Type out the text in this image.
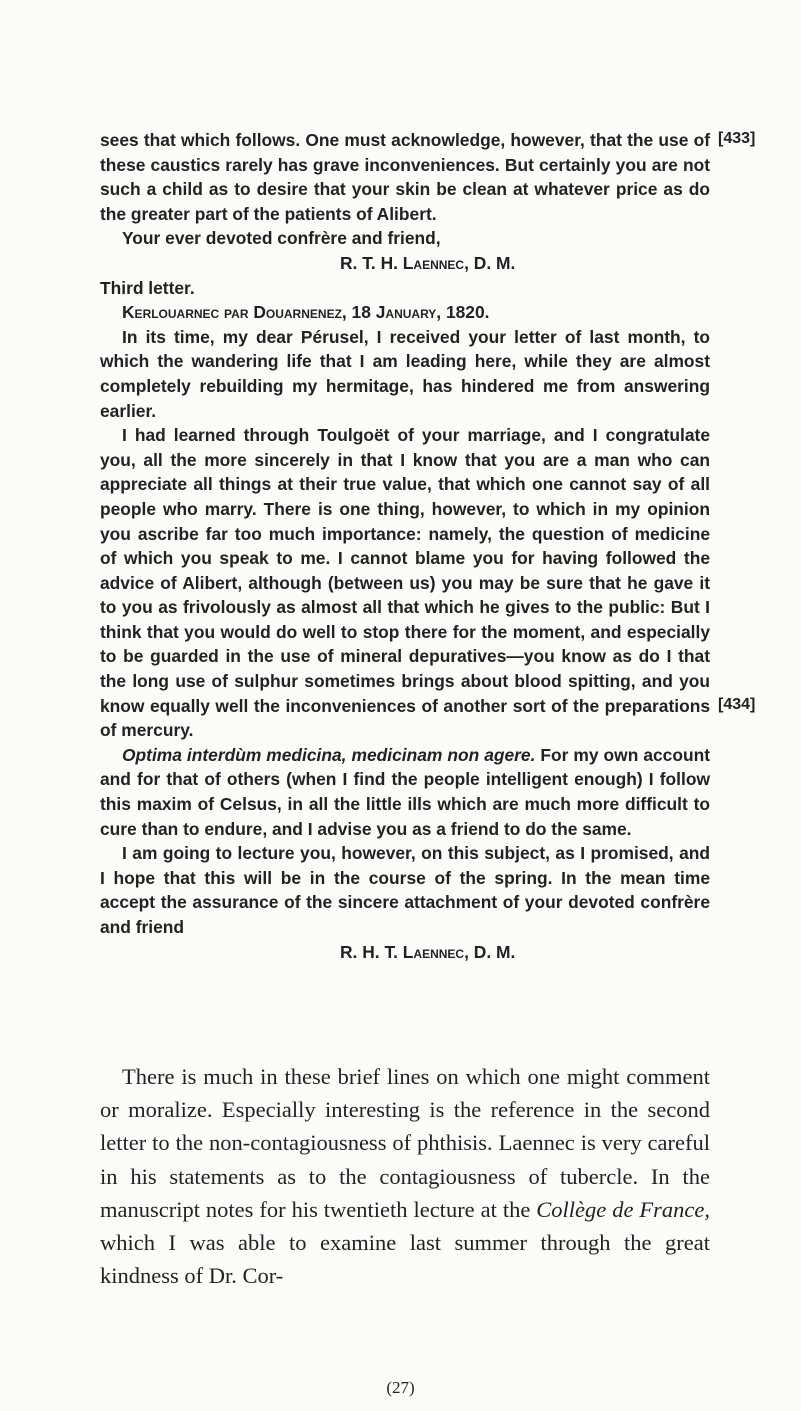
sees that which follows. One must acknowledge, however, that the use of these caustics rarely has grave inconveniences. But certainly you are not such a child as to desire that your skin be clean at whatever price as do the greater part of the patients of Alibert.

Your ever devoted confrère and friend,

R. T. H. Laennec, D. M.

Third letter.

Kerlouarnec par Douarnenez, 18 January, 1820.

In its time, my dear Pérusel, I received your letter of last month, to which the wandering life that I am leading here, while they are almost completely rebuilding my hermitage, has hindered me from answering earlier.

I had learned through Toulgoët of your marriage, and I congratulate you, all the more sincerely in that I know that you are a man who can appreciate all things at their true value, that which one cannot say of all people who marry. There is one thing, however, to which in my opinion you ascribe far too much importance: namely, the question of medicine of which you speak to me. I cannot blame you for having followed the advice of Alibert, although (between us) you may be sure that he gave it to you as frivolously as almost all that which he gives to the public: But I think that you would do well to stop there for the moment, and especially to be guarded in the use of mineral depuratives—you know as do I that the long use of sulphur sometimes brings about blood spitting, and you know equally well the inconveniences of another sort of the preparations of mercury.

Optima interdùm medicina, medicinam non agere. For my own account and for that of others (when I find the people intelligent enough) I follow this maxim of Celsus, in all the little ills which are much more difficult to cure than to endure, and I advise you as a friend to do the same.

I am going to lecture you, however, on this subject, as I promised, and I hope that this will be in the course of the spring. In the mean time accept the assurance of the sincere attachment of your devoted confrère and friend

R. H. T. Laennec, D. M.

[433]
[434]

There is much in these brief lines on which one might comment or moralize. Especially interesting is the reference in the second letter to the non-contagiousness of phthisis. Laennec is very careful in his statements as to the contagiousness of tubercle. In the manuscript notes for his twentieth lecture at the Collège de France, which I was able to examine last summer through the great kindness of Dr. Cor-

(27)
